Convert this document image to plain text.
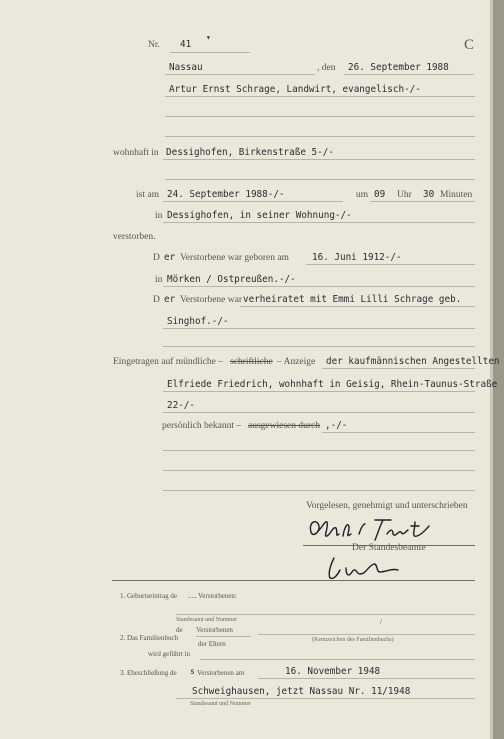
Nr. 41
▾	C
Nassau	, den 26. September 1988
Artur Ernst Schrage, Landwirt, evangelisch-/-
wohnhaft in Dessighofen, Birkenstraße 5-/-
ist am 24. September 1988-/-	um 09 Uhr 30 Minuten
in Dessighofen, in seiner Wohnung-/-
verstorben.
D er Verstorbene war geboren am 16. Juni 1912-/-
in Mörken / Ostpreußen.-/-
D er Verstorbene war verheiratet mit Emmi Lilli Schrage geb.
Singhof.-/-
Eingetragen auf mündliche – schriftliche – Anzeige der kaufmännischen Angestellten
Elfriede Friedrich, wohnhaft in Geisig, Rhein-Taunus-Straße
22-/-
persönlich bekannt – ausgewiesen durch ,-/-
Vorgelesen, genehmigt und unterschrieben
Der Standesbeamte
1. Geburtseintrag de ..... Verstorbenen:
Standesamt und Nummer
de Verstorbenen
2. Das Familienbuch
der Eltern
/
(Kennzeichen des Familienbuchs)
wird geführt in
3. Eheschließung de s Verstorbenen am	16. November 1948
Schweighausen, jetzt Nassau Nr. 11/1948
Standesamt und Nummer
